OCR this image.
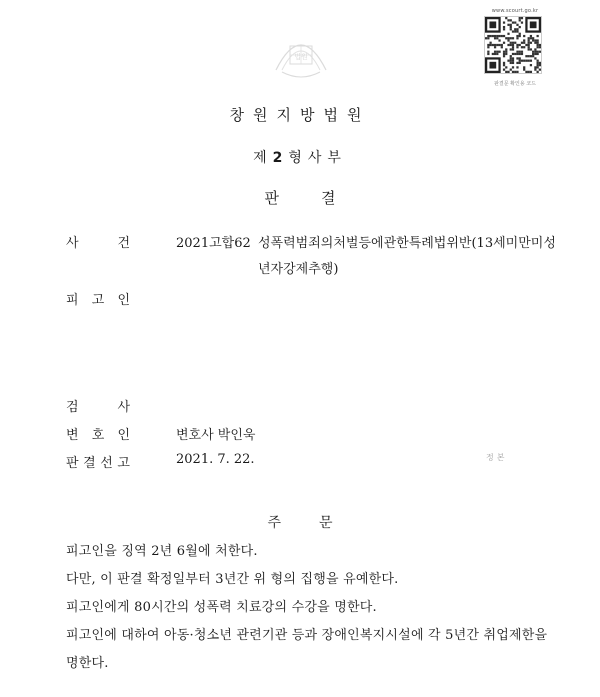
법원
www.scourt.go.kr
판결문 확인용 코드
창원지방법원
제2형사부
판결
사	건	2021고합62 성폭력범죄의처벌등에관한특례법위반(13세미만미성
년자강제추행)
피 고 인
검	사
변 호 인	변호사 박인욱
판 결 선 고	2021. 7. 22.	정본
주문
피고인을 징역 2년 6월에 처한다.
다만, 이 판결 확정일부터 3년간 위 형의 집행을 유예한다.
피고인에게 80시간의 성폭력 치료강의 수강을 명한다.
피고인에 대하여 아동·청소년 관련기관 등과 장애인복지시설에 각 5년간 취업제한을
명한다.
